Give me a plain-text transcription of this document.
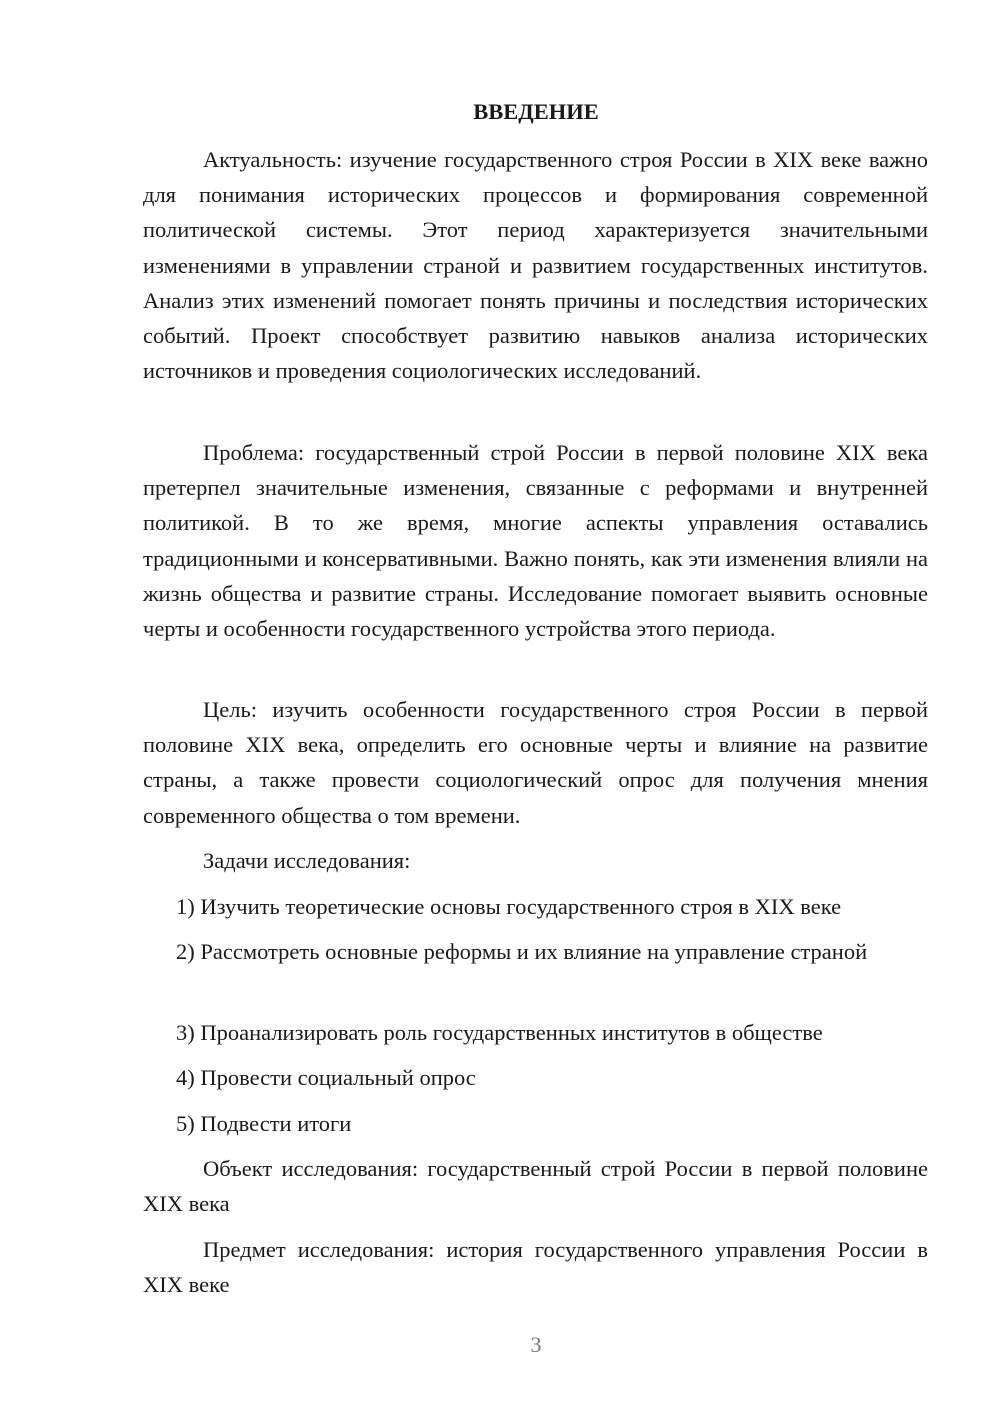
ВВЕДЕНИЕ

Актуальность: изучение государственного строя России в XIX веке важно для понимания исторических процессов и формирования современной политической системы. Этот период характеризуется значительными изменениями в управлении страной и развитием государственных институтов. Анализ этих изменений помогает понять причины и последствия исторических событий. Проект способствует развитию навыков анализа исторических источников и проведения социологических исследований.

Проблема: государственный строй России в первой половине XIX века претерпел значительные изменения, связанные с реформами и внутренней политикой. В то же время, многие аспекты управления оставались традиционными и консервативными. Важно понять, как эти изменения влияли на жизнь общества и развитие страны. Исследование помогает выявить основные черты и особенности государственного устройства этого периода.

Цель: изучить особенности государственного строя России в первой половине XIX века, определить его основные черты и влияние на развитие страны, а также провести социологический опрос для получения мнения современного общества о том времени.

Задачи исследования:

1) Изучить теоретические основы государственного строя в XIX веке

2) Рассмотреть основные реформы и их влияние на управление страной

3) Проанализировать роль государственных институтов в обществе

4) Провести социальный опрос

5) Подвести итоги

Объект исследования: государственный строй России в первой половине XIX века

Предмет исследования: история государственного управления России в XIX веке

3
